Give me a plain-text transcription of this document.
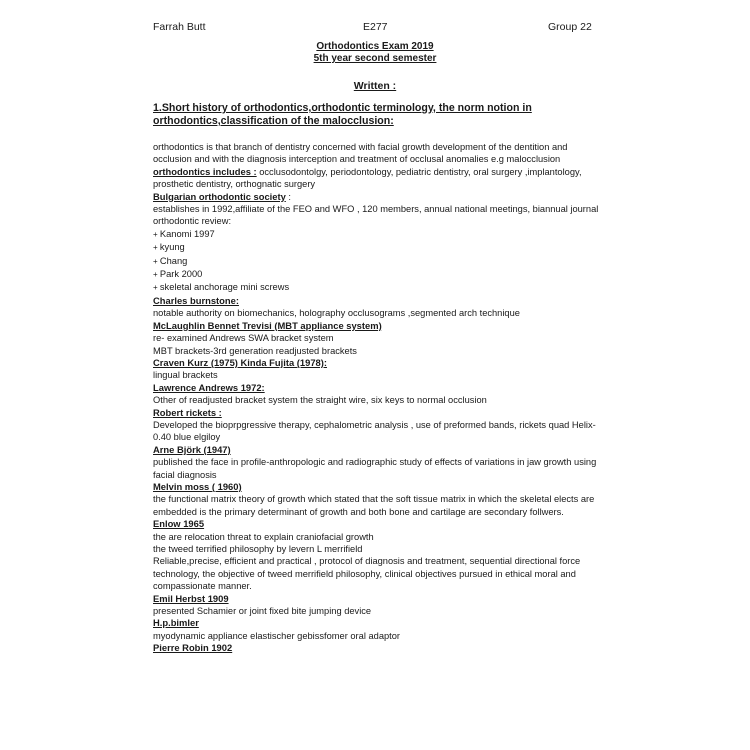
Farrah Butt	E277	Group 22
Orthodontics Exam 2019
5th year second semester
Written :

1.Short history of orthodontics,orthodontic terminology, the norm notion in orthodontics,classification of the malocclusion:

orthodontics is that branch of dentistry concerned with facial growth development of the dentition and occlusion and with the diagnosis interception and treatment of occlusal anomalies e.g malocclusion

orthodontics includes : occlusodontolgy, periodontology, pediatric dentistry, oral surgery ,implantology, prosthetic dentistry, orthognatic surgery

Bulgarian orthodontic society :

establishes in 1992,affiliate of the FEO and WFO , 120 members, annual national meetings, biannual journal orthodontic review:

+ Kanomi 1997
+ kyung
+ Chang
+ Park 2000
+ skeletal anchorage mini screws

Charles burnstone:

notable authority on biomechanics, holography occlusograms ,segmented arch technique

McLaughlin Bennet Trevisi (MBT appliance system)

re- examined Andrews SWA bracket system

MBT brackets-3rd generation readjusted brackets

Craven Kurz (1975) Kinda Fujita (1978):

lingual brackets

Lawrence Andrews 1972:

Other of readjusted bracket system the straight wire, six keys to normal occlusion

Robert rickets :

Developed the bioprpgressive therapy, cephalometric analysis , use of preformed bands, rickets quad Helix-0.40 blue elgiloy

Arne Björk (1947)

published the face in profile-anthropologic and radiographic study of effects of variations in jaw growth using facial diagnosis

Melvin moss ( 1960)

the functional matrix theory of growth which stated that the soft tissue matrix in which the skeletal elects are embedded is the primary determinant of growth and both bone and cartilage are secondary follwers.

Enlow 1965

the are relocation threat to explain craniofacial growth

the tweed terrified philosophy by levern L merrifield

Reliable,precise, efficient and practical , protocol of diagnosis and treatment, sequential directional force technology, the objective of tweed merrifield philosophy, clinical objectives pursued in ethical moral and compassionate manner.

Emil Herbst 1909

presented Schamier or joint fixed bite jumping device

H.p.bimler

myodynamic appliance elastischer gebissfomer oral adaptor

Pierre Robin 1902
